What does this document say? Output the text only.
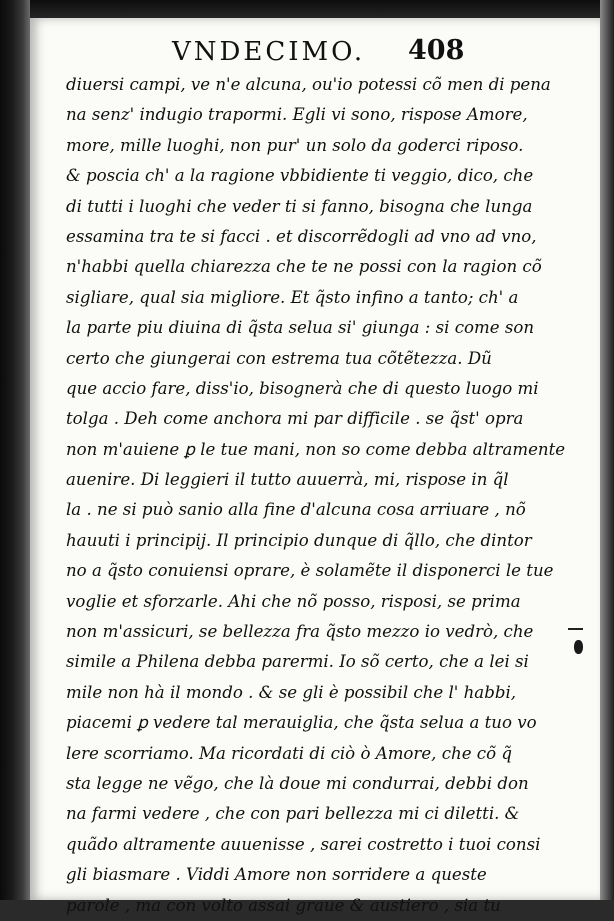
VNDECIMO. 408
diuersi campi, ve n'e alcuna, ou'io potessi cõ men di pena
na senz' indugio trapormi. Egli vi sono, rispose Amore,
more, mille luoghi, non pur' un solo da goderci riposo.
& poscia ch' a la ragione vbbidiente ti veggio, dico, che
di tutti i luoghi che veder ti si fanno, bisogna che lunga
essamina tra te si facci . et discorrẽdogli ad vno ad vno,
n'habbi quella chiarezza che te ne possi con la ragion cõ
sigliare, qual sia migliore. Et q̃sto infino a tanto; ch' a
la parte piu diuina di q̃sta selua si' giunga : si come son
certo che giungerai con estrema tua cõtẽtezza. Dũ
que accio fare, diss'io, bisognerà che di questo luogo mi
tolga . Deh come anchora mi par difficile . se q̃st' opra
non m'auiene ꝑ le tue mani, non so come debba altramente
auenire. Di leggieri il tutto auuerrà, mi, rispose in q̃l
la . ne si può sanio alla fine d'alcuna cosa arriuare , nõ
hauuti i principij. Il principio dunque di q̃llo, che dintor
no a q̃sto conuiensi oprare, è solamẽte il disponerci le tue
voglie et sforzarle. Ahi che nõ posso, risposi, se prima
non m'assicuri, se bellezza fra q̃sto mezzo io vedrò, che
simile a Philena debba parermi. Io sõ certo, che a lei si
mile non hà il mondo . & se gli è possibil che l' habbi,
piacemi ꝑ vedere tal merauiglia, che q̃sta selua a tuo vo
lere scorriamo. Ma ricordati di ciò ò Amore, che cõ q̃
sta legge ne vẽgo, che là doue mi condurrai, debbi don
na farmi vedere , che con pari bellezza mi ci diletti. &
quãdo altramente auuenisse , sarei costretto i tuoi consi
gli biasmare . Viddi Amore non sorridere a queste
parole , ma con volto assai graue & austiero , sia tu
